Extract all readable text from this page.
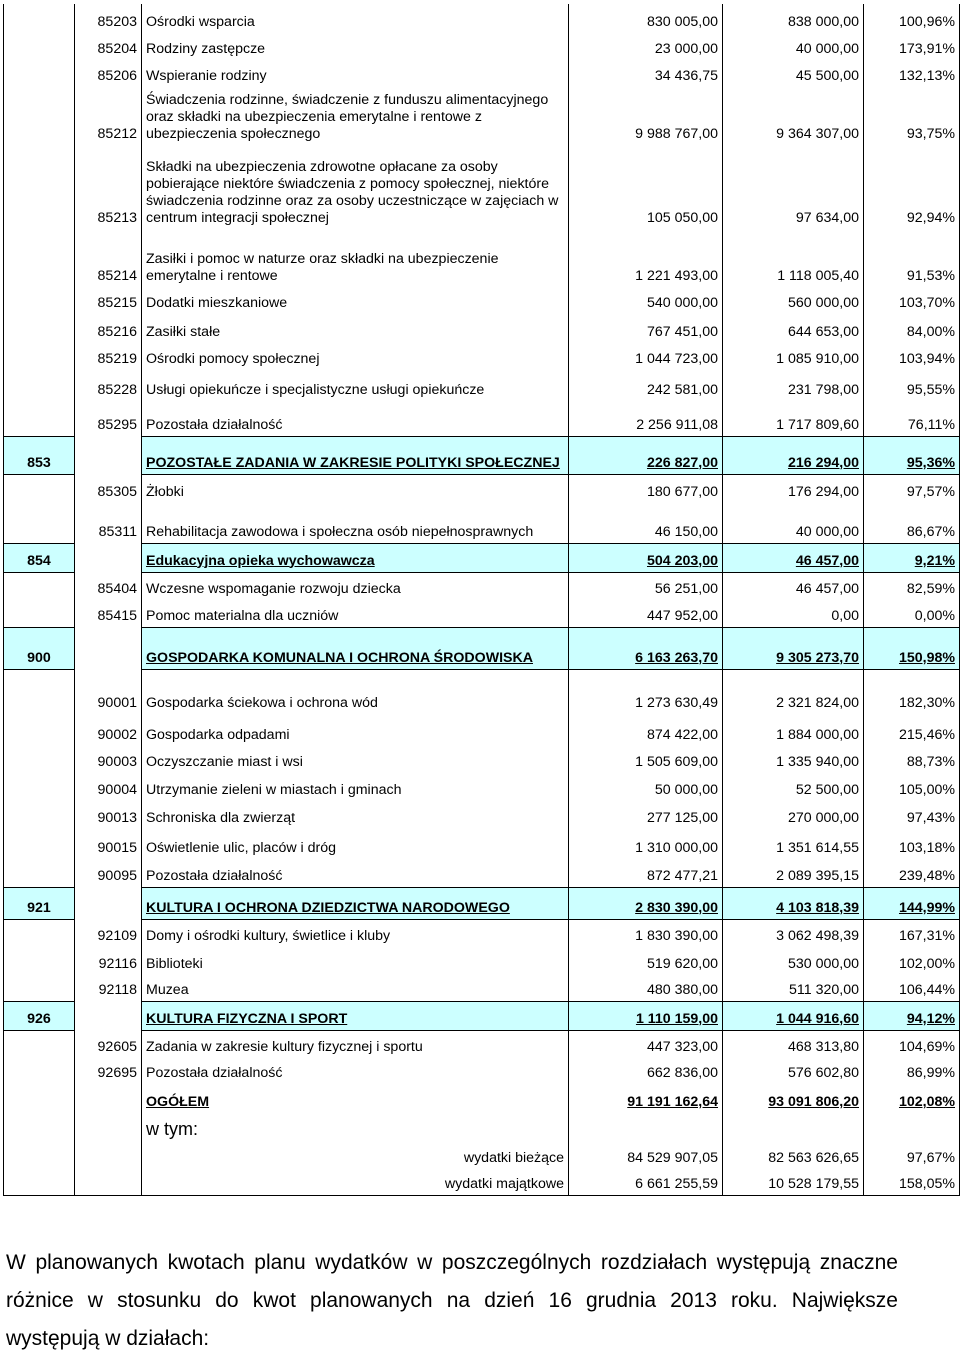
	85203	Ośrodki wsparcia	830 005,00	838 000,00	100,96%
	85204	Rodziny zastępcze	23 000,00	40 000,00	173,91%
	85206	Wspieranie rodziny	34 436,75	45 500,00	132,13%
	85212	Świadczenia rodzinne, świadczenie z funduszu alimentacyjnego oraz składki na ubezpieczenia emerytalne i rentowe z ubezpieczenia społecznego	9 988 767,00	9 364 307,00	93,75%
	85213	Składki na ubezpieczenia zdrowotne opłacane za osoby pobierające niektóre świadczenia z pomocy społecznej, niektóre świadczenia rodzinne oraz za osoby uczestniczące w zajęciach w centrum integracji społecznej	105 050,00	97 634,00	92,94%
	85214	Zasiłki i pomoc w naturze oraz składki na ubezpieczenie emerytalne i rentowe	1 221 493,00	1 118 005,40	91,53%
	85215	Dodatki mieszkaniowe	540 000,00	560 000,00	103,70%
	85216	Zasiłki stałe	767 451,00	644 653,00	84,00%
	85219	Ośrodki pomocy społecznej	1 044 723,00	1 085 910,00	103,94%
	85228	Usługi opiekuńcze i specjalistyczne usługi opiekuńcze	242 581,00	231 798,00	95,55%
	85295	Pozostała działalność	2 256 911,08	1 717 809,60	76,11%
853		POZOSTAŁE ZADANIA W ZAKRESIE POLITYKI SPOŁECZNEJ	226 827,00	216 294,00	95,36%
	85305	Żłobki	180 677,00	176 294,00	97,57%
	85311	Rehabilitacja zawodowa i społeczna osób niepełnosprawnych	46 150,00	40 000,00	86,67%
854		Edukacyjna opieka wychowawcza	504 203,00	46 457,00	9,21%
	85404	Wczesne wspomaganie rozwoju dziecka	56 251,00	46 457,00	82,59%
	85415	Pomoc materialna dla uczniów	447 952,00	0,00	0,00%
900		GOSPODARKA KOMUNALNA I OCHRONA ŚRODOWISKA	6 163 263,70	9 305 273,70	150,98%
	90001	Gospodarka ściekowa i ochrona wód	1 273 630,49	2 321 824,00	182,30%
	90002	Gospodarka odpadami	874 422,00	1 884 000,00	215,46%
	90003	Oczyszczanie miast i wsi	1 505 609,00	1 335 940,00	88,73%
	90004	Utrzymanie zieleni w miastach i gminach	50 000,00	52 500,00	105,00%
	90013	Schroniska dla zwierząt	277 125,00	270 000,00	97,43%
	90015	Oświetlenie ulic, placów i dróg	1 310 000,00	1 351 614,55	103,18%
	90095	Pozostała działalność	872 477,21	2 089 395,15	239,48%
921		KULTURA I OCHRONA DZIEDZICTWA NARODOWEGO	2 830 390,00	4 103 818,39	144,99%
	92109	Domy i ośrodki kultury, świetlice i kluby	1 830 390,00	3 062 498,39	167,31%
	92116	Biblioteki	519 620,00	530 000,00	102,00%
	92118	Muzea	480 380,00	511 320,00	106,44%
926		KULTURA FIZYCZNA I SPORT	1 110 159,00	1 044 916,60	94,12%
	92605	Zadania w zakresie kultury fizycznej i sportu	447 323,00	468 313,80	104,69%
	92695	Pozostała działalność	662 836,00	576 602,80	86,99%
		OGÓŁEM	91 191 162,64	93 091 806,20	102,08%
		w tym:			
		wydatki bieżące	84 529 907,05	82 563 626,65	97,67%
		wydatki majątkowe	6 661 255,59	10 528 179,55	158,05%
W planowanych kwotach planu wydatków w poszczególnych rozdziałach występują znaczne
różnice w stosunku do kwot planowanych na dzień 16 grudnia 2013 roku. Największe
występują w działach:
